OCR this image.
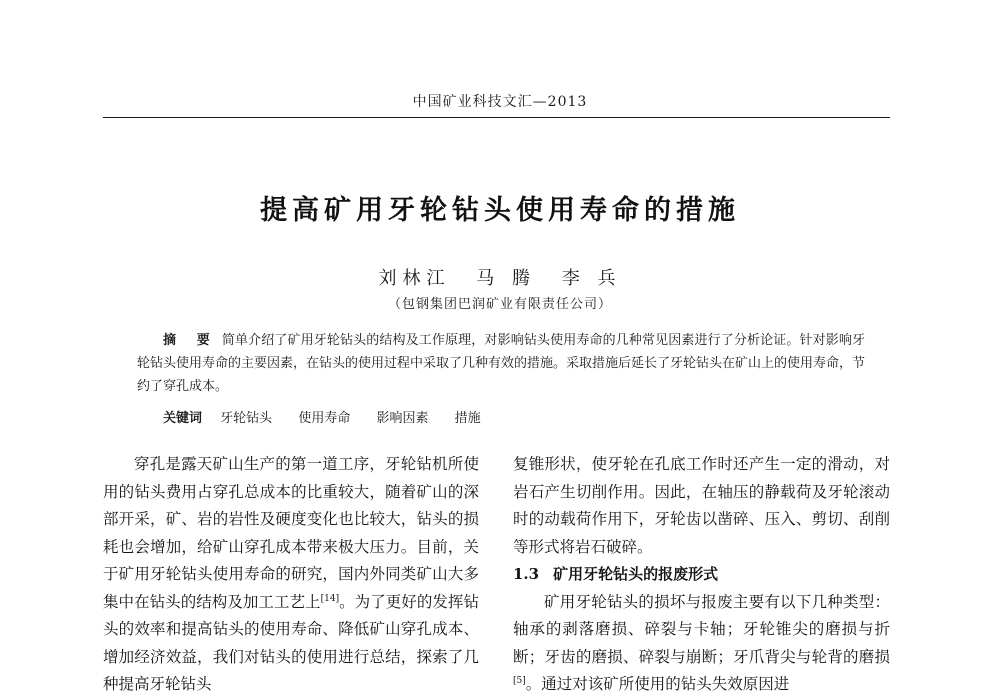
中国矿业科技文汇—2013
提高矿用牙轮钻头使用寿命的措施
刘林江 马 腾 李 兵
（包钢集团巴润矿业有限责任公司）

摘 要 简单介绍了矿用牙轮钻头的结构及工作原理，对影响钻头使用寿命的几种常见因素进行了分析论证。针对影响牙轮钻头使用寿命的主要因素，在钻头的使用过程中采取了几种有效的措施。采取措施后延长了牙轮钻头在矿山上的使用寿命，节约了穿孔成本。

关键词 牙轮钻头 使用寿命 影响因素 措施

穿孔是露天矿山生产的第一道工序，牙轮钻机所使用的钻头费用占穿孔总成本的比重较大，随着矿山的深部开采，矿、岩的岩性及硬度变化也比较大，钻头的损耗也会增加，给矿山穿孔成本带来极大压力。目前，关于矿用牙轮钻头使用寿命的研究，国内外同类矿山大多集中在钻头的结构及加工工艺上[14]。为了更好的发挥钻头的效率和提高钻头的使用寿命、降低矿山穿孔成本、增加经济效益，我们对钻头的使用进行总结，探索了几种提高牙轮钻头

复锥形状，使牙轮在孔底工作时还产生一定的滑动，对岩石产生切削作用。因此，在轴压的静载荷及牙轮滚动时的动载荷作用下，牙轮齿以凿碎、压入、剪切、刮削等形式将岩石破碎。

1.3 矿用牙轮钻头的报废形式

矿用牙轮钻头的损坏与报废主要有以下几种类型：轴承的剥落磨损、碎裂与卡轴；牙轮锥尖的磨损与折断；牙齿的磨损、碎裂与崩断；牙爪背尖与轮背的磨损[5]。通过对该矿所使用的钻头失效原因进
